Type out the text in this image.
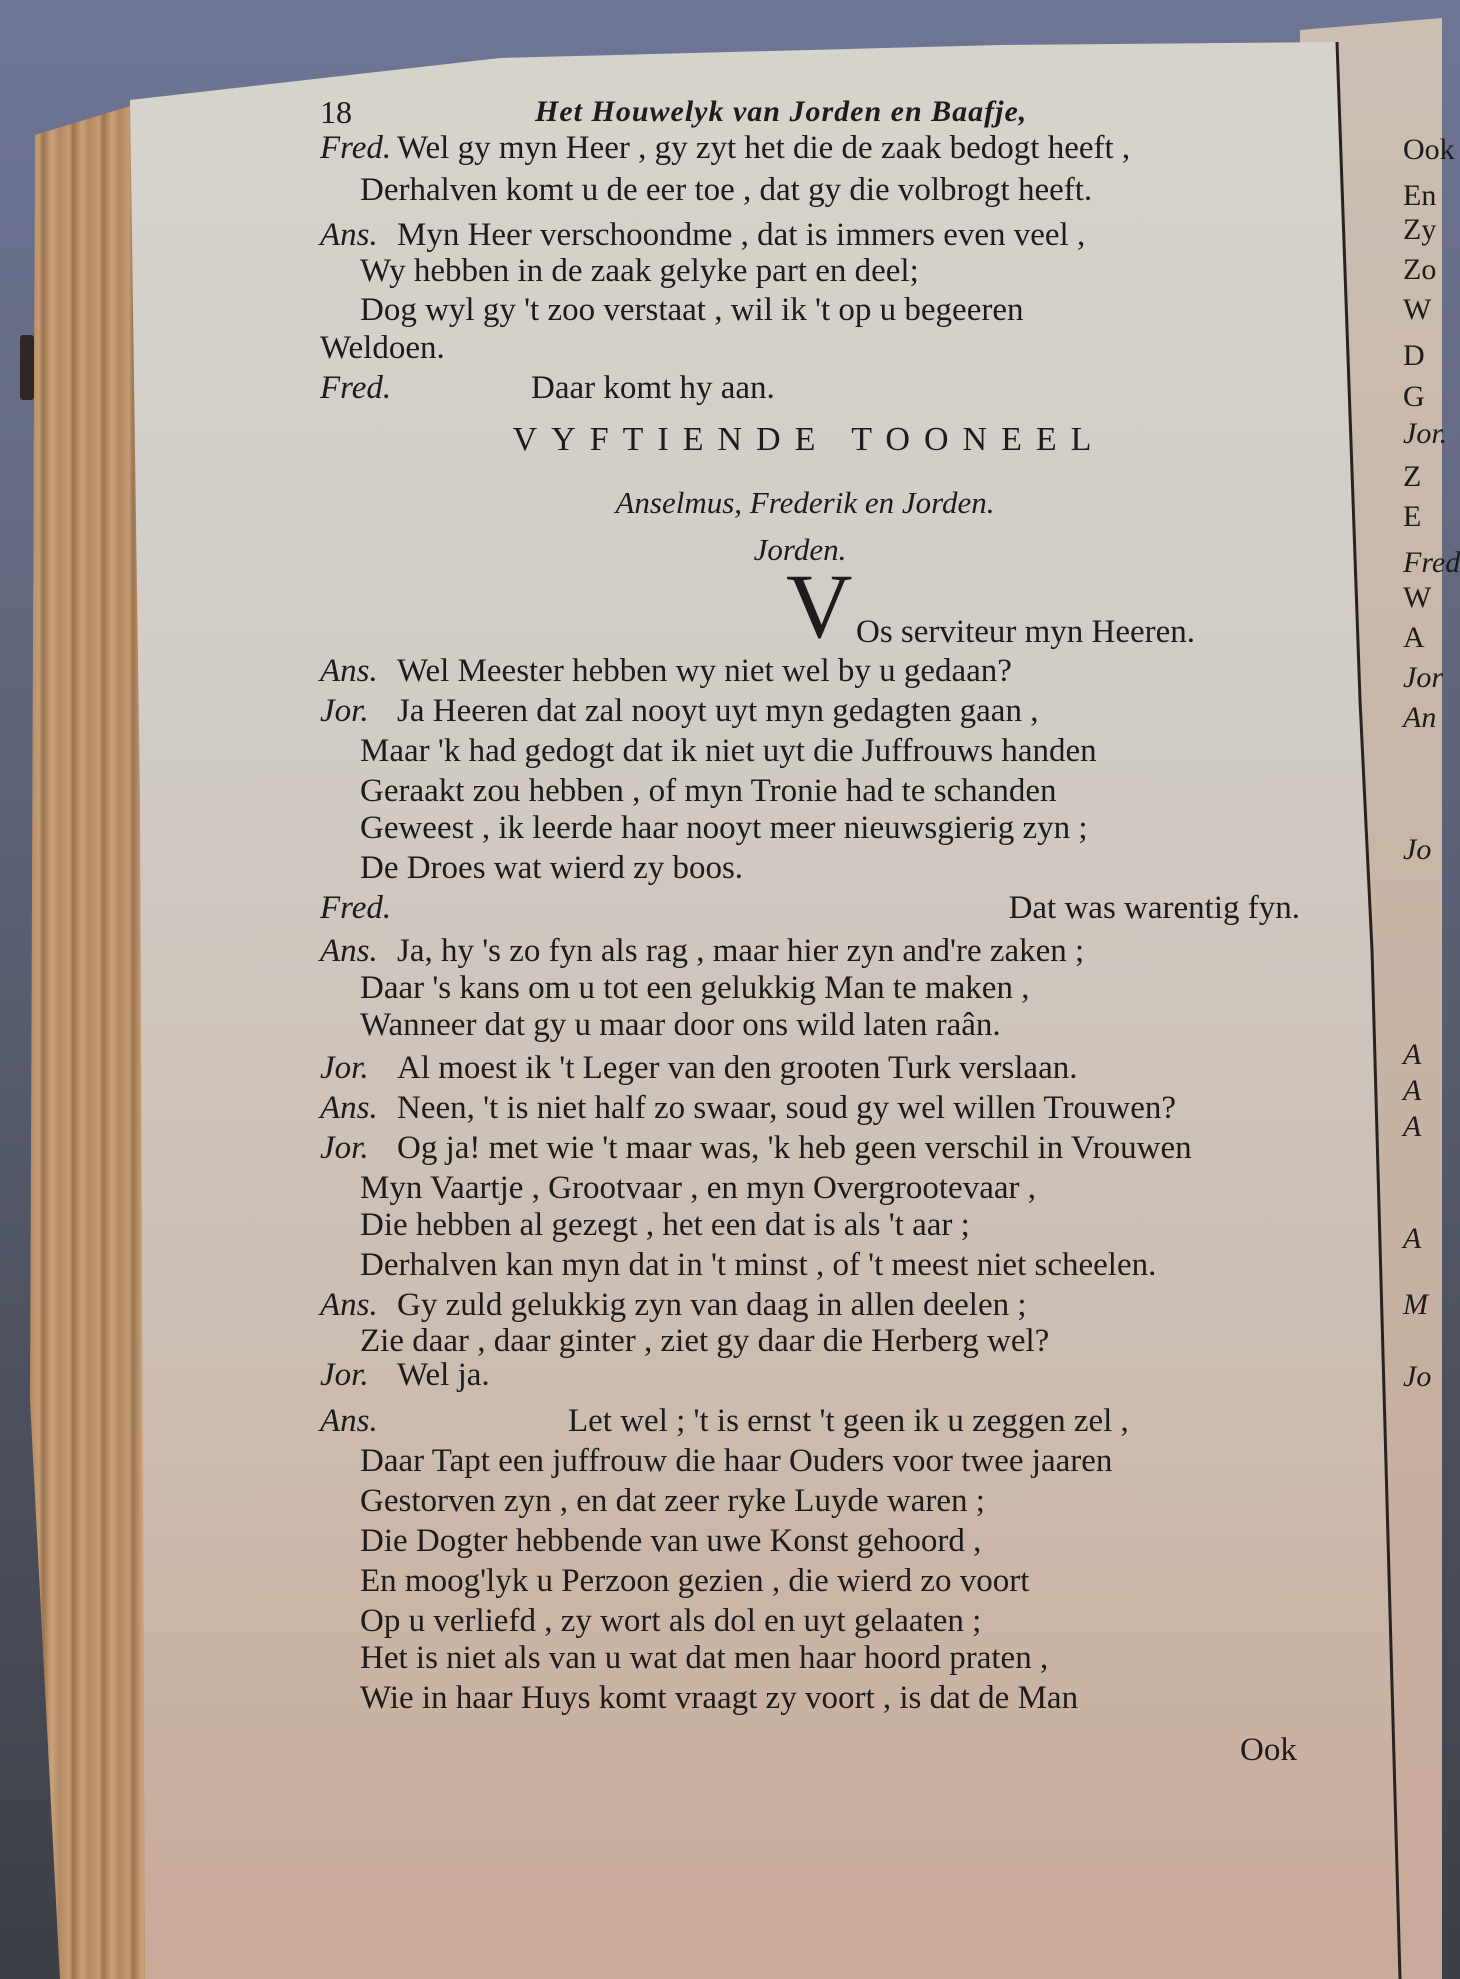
18	Het Houwelyk van Jorden en Baafje,
Fred. Wel gy myn Heer , gy zyt het die de zaak bedogt heeft ,
Derhalven komt u de eer toe , dat gy die volbrogt heeft.
Ans. Myn Heer verschoondme , dat is immers even veel ,
Wy hebben in de zaak gelyke part en deel;
Dog wyl gy 't zoo verstaat , wil ik 't op u begeeren
Weldoen.
Fred.	Daar komt hy aan.
VYFTIENDE TOONEEL
Anselmus, Frederik en Jorden.
Jorden.
V Os serviteur myn Heeren.
Ans. Wel Meester hebben wy niet wel by u gedaan?
Jor. Ja Heeren dat zal nooyt uyt myn gedagten gaan ,
Maar 'k had gedogt dat ik niet uyt die Juffrouws handen
Geraakt zou hebben , of myn Tronie had te schanden
Geweest , ik leerde haar nooyt meer nieuwsgierig zyn ;
De Droes wat wierd zy boos.
Fred.	Dat was warentig fyn.
Ans. Ja, hy 's zo fyn als rag , maar hier zyn and're zaken ;
Daar 's kans om u tot een gelukkig Man te maken ,
Wanneer dat gy u maar door ons wild laten raân.
Jor. Al moest ik 't Leger van den grooten Turk verslaan.
Ans. Neen, 't is niet half zo swaar, soud gy wel willen Trouwen?
Jor. Og ja! met wie 't maar was, 'k heb geen verschil in Vrouwen
Myn Vaartje , Grootvaar , en myn Overgrootevaar ,
Die hebben al gezegt , het een dat is als 't aar ;
Derhalven kan myn dat in 't minst , of 't meest niet scheelen.
Ans. Gy zuld gelukkig zyn van daag in allen deelen ;
Zie daar , daar ginter , ziet gy daar die Herberg wel?
Jor. Wel ja.
Ans.	Let wel ; 't is ernst 't geen ik u zeggen zel ,
Daar Tapt een juffrouw die haar Ouders voor twee jaaren
Gestorven zyn , en dat zeer ryke Luyde waren ;
Die Dogter hebbende van uwe Konst gehoord ,
En moog'lyk u Perzoon gezien , die wierd zo voort
Op u verliefd , zy wort als dol en uyt gelaaten ;
Het is niet als van u wat dat men haar hoord praten ,
Wie in haar Huys komt vraagt zy voort , is dat de Man
Ook
Ook
En
Zy
Zo
W
D
G
Jor.
Z
E
Fred
W
A
Jor
An
Jo
A
A
A
A
M
Jo
